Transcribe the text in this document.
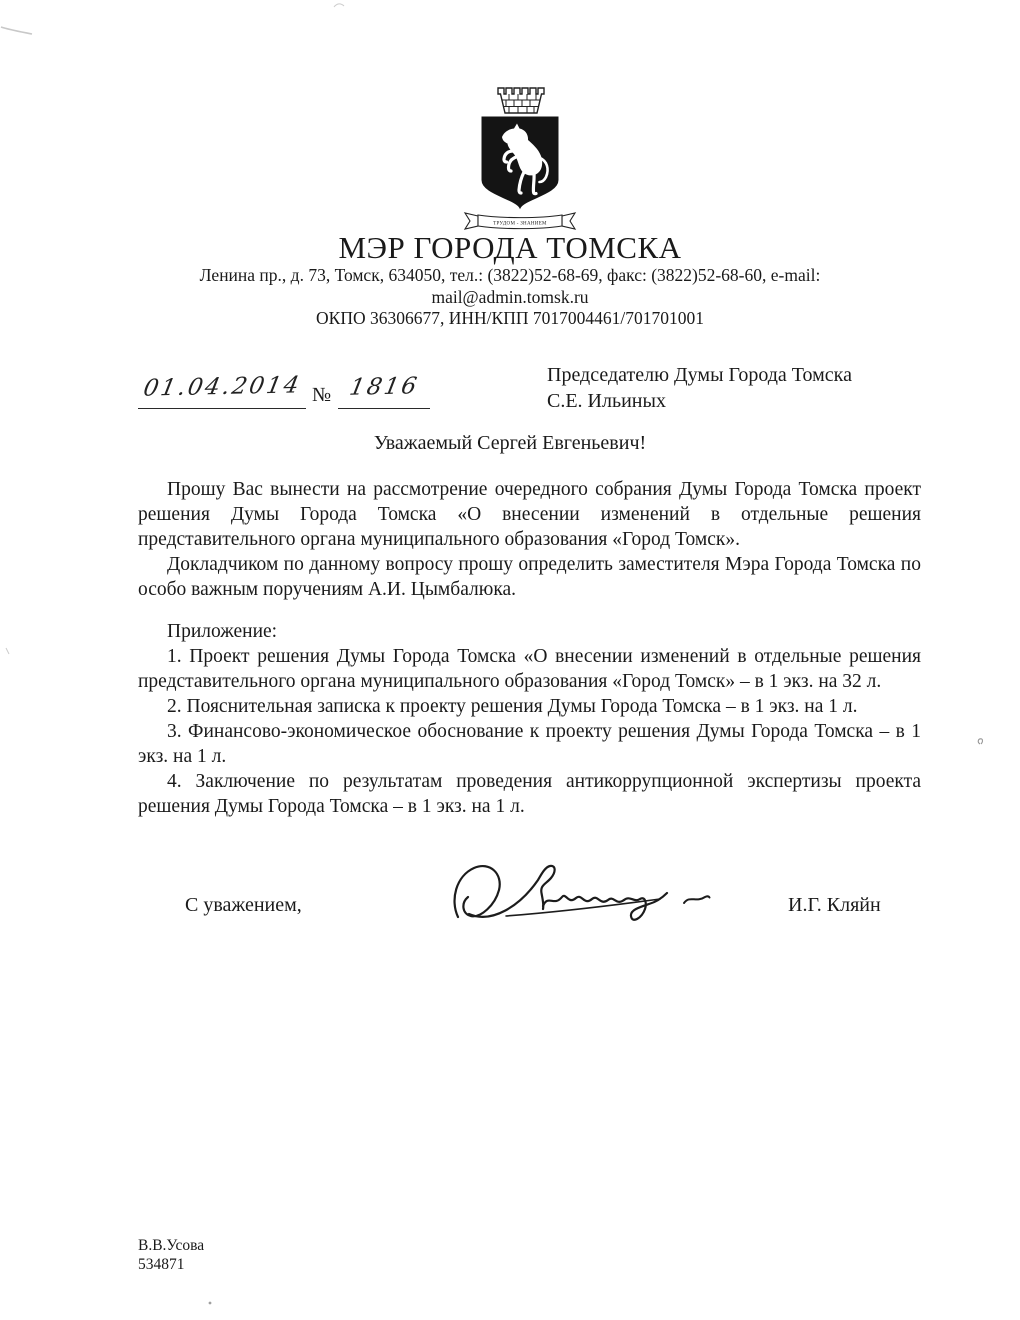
ТРУДОМ - ЗНАНИЕМ
МЭР ГОРОДА ТОМСКА
Ленина пр., д. 73, Томск, 634050, тел.: (3822)52-68-69, факс: (3822)52-68-60, e-mail:
mail@admin.tomsk.ru
ОКПО 36306677, ИНН/КПП 7017004461/701701001
01.04.2014 № 1816	Председателю Думы Города Томска
С.Е. Ильиных
Уважаемый Сергей Евгеньевич!

Прошу Вас вынести на рассмотрение очередного собрания Думы Города Томска проект решения Думы Города Томска «О внесении изменений в отдельные решения представительного органа муниципального образования «Город Томск».

Докладчиком по данному вопросу прошу определить заместителя Мэра Города Томска по особо важным поручениям А.И. Цымбалюка.

Приложение:

1. Проект решения Думы Города Томска «О внесении изменений в отдельные решения представительного органа муниципального образования «Город Томск» – в 1 экз. на 32 л.

2. Пояснительная записка к проекту решения Думы Города Томска – в 1 экз. на 1 л.

3. Финансово-экономическое обоснование к проекту решения Думы Города Томска – в 1 экз. на 1 л.

4. Заключение по результатам проведения антикоррупционной экспертизы проекта решения Думы Города Томска – в 1 экз. на 1 л.

С уважением,	И.Г. Кляйн
В.В.Усова
534871
